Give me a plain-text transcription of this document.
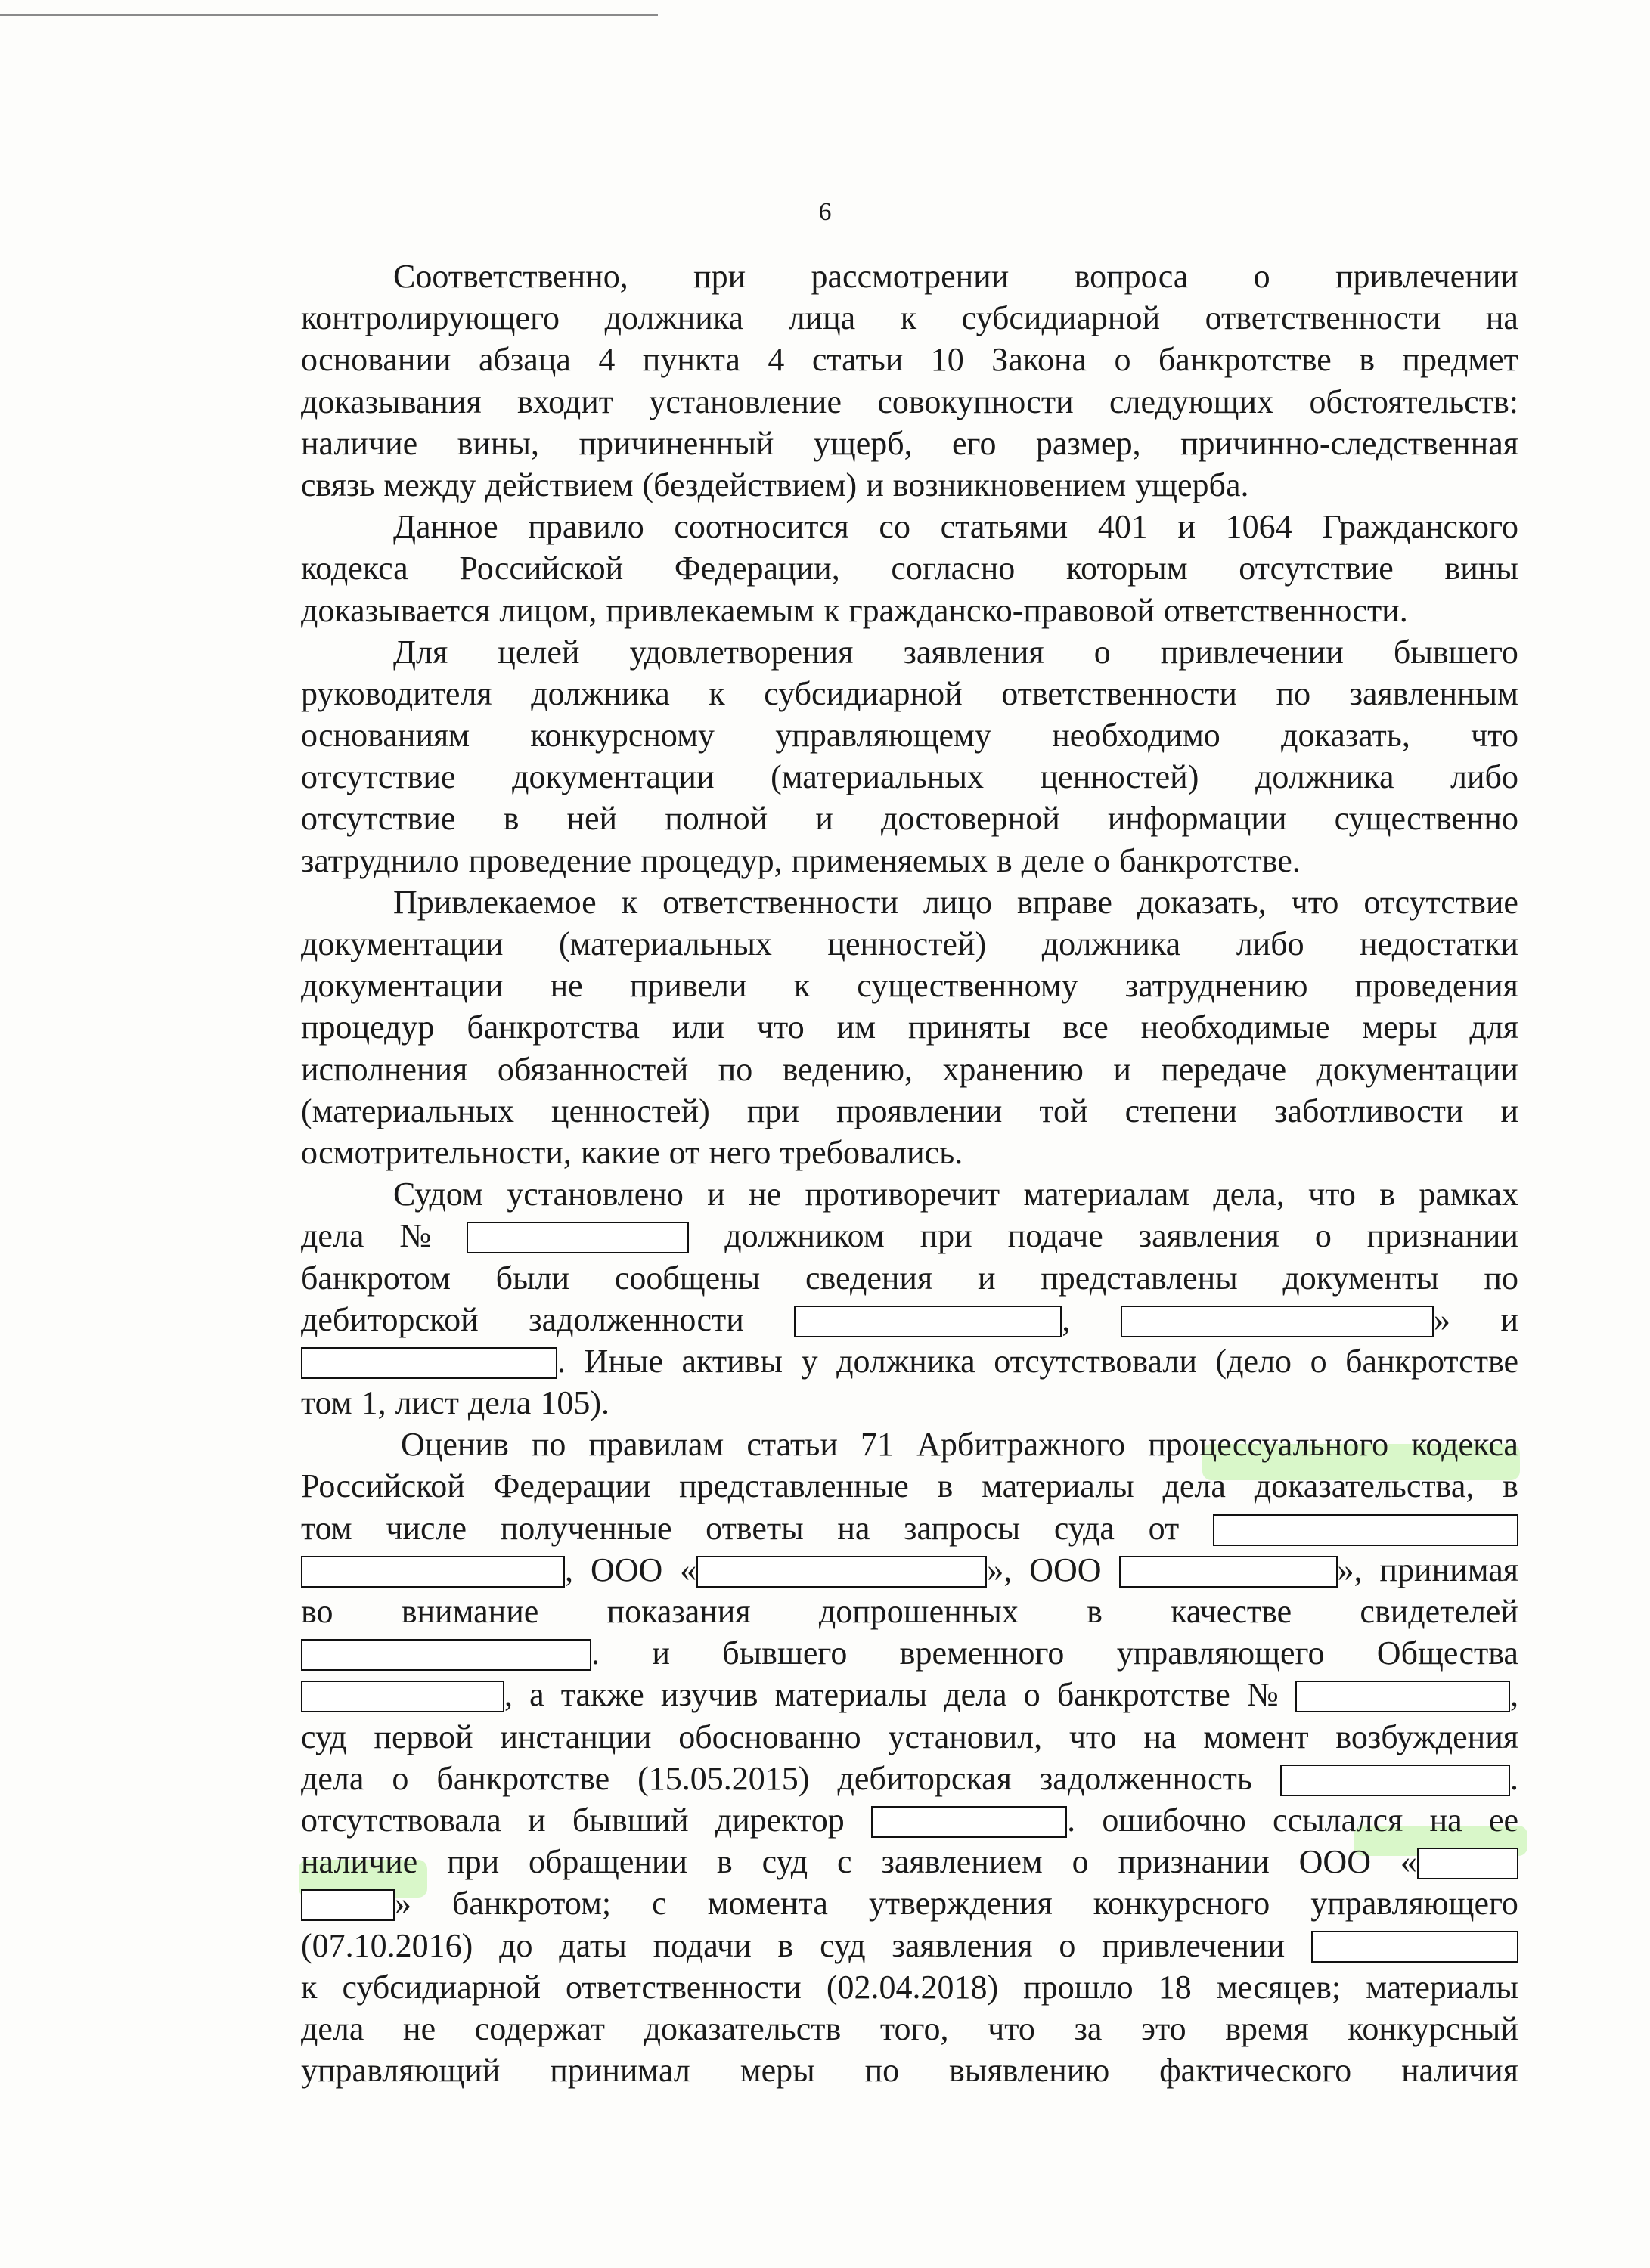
6
Соответственно, при рассмотрении вопроса о привлечении
контролирующего должника лица к субсидиарной ответственности на
основании абзаца 4 пункта 4 статьи 10 Закона о банкротстве в предмет
доказывания входит установление совокупности следующих обстоятельств:
наличие вины, причиненный ущерб, его размер, причинно-следственная
связь между действием (бездействием) и возникновением ущерба.
Данное правило соотносится со статьями 401 и 1064 Гражданского
кодекса Российской Федерации, согласно которым отсутствие вины
доказывается лицом, привлекаемым к гражданско-правовой ответственности.
Для целей удовлетворения заявления о привлечении бывшего
руководителя должника к субсидиарной ответственности по заявленным
основаниям конкурсному управляющему необходимо доказать, что
отсутствие документации (материальных ценностей) должника либо
отсутствие в ней полной и достоверной информации существенно
затруднило проведение процедур, применяемых в деле о банкротстве.
Привлекаемое к ответственности лицо вправе доказать, что отсутствие
документации (материальных ценностей) должника либо недостатки
документации не привели к существенному затруднению проведения
процедур банкротства или что им приняты все необходимые меры для
исполнения обязанностей по ведению, хранению и передаче документации
(материальных ценностей) при проявлении той степени заботливости и
осмотрительности, какие от него требовались.
Судом установлено и не противоречит материалам дела, что в рамках
дела №	должником при подаче заявления о признании
банкротом были сообщены сведения и представлены документы по
дебиторской задолженности	,	» и
. Иные активы у должника отсутствовали (дело о банкротстве
том 1, лист дела 105).
Оценив по правилам статьи 71 Арбитражного процессуального кодекса
Российской Федерации представленные в материалы дела доказательства, в
том числе полученные ответы на запросы суда от
, ООО «	», ООО	», принимая
во внимание показания допрошенных в качестве свидетелей
. и бывшего временного управляющего Общества
, а также изучив материалы дела о банкротстве №	,
суд первой инстанции обоснованно установил, что на момент возбуждения
дела о банкротстве (15.05.2015) дебиторская задолженность	.
отсутствовала и бывший директор	. ошибочно ссылался на ее
наличие при обращении в суд с заявлением о признании ООО «
» банкротом; с момента утверждения конкурсного управляющего
(07.10.2016) до даты подачи в суд заявления о привлечении
к субсидиарной ответственности (02.04.2018) прошло 18 месяцев; материалы
дела не содержат доказательств того, что за это время конкурсный
управляющий принимал меры по выявлению фактического наличия
